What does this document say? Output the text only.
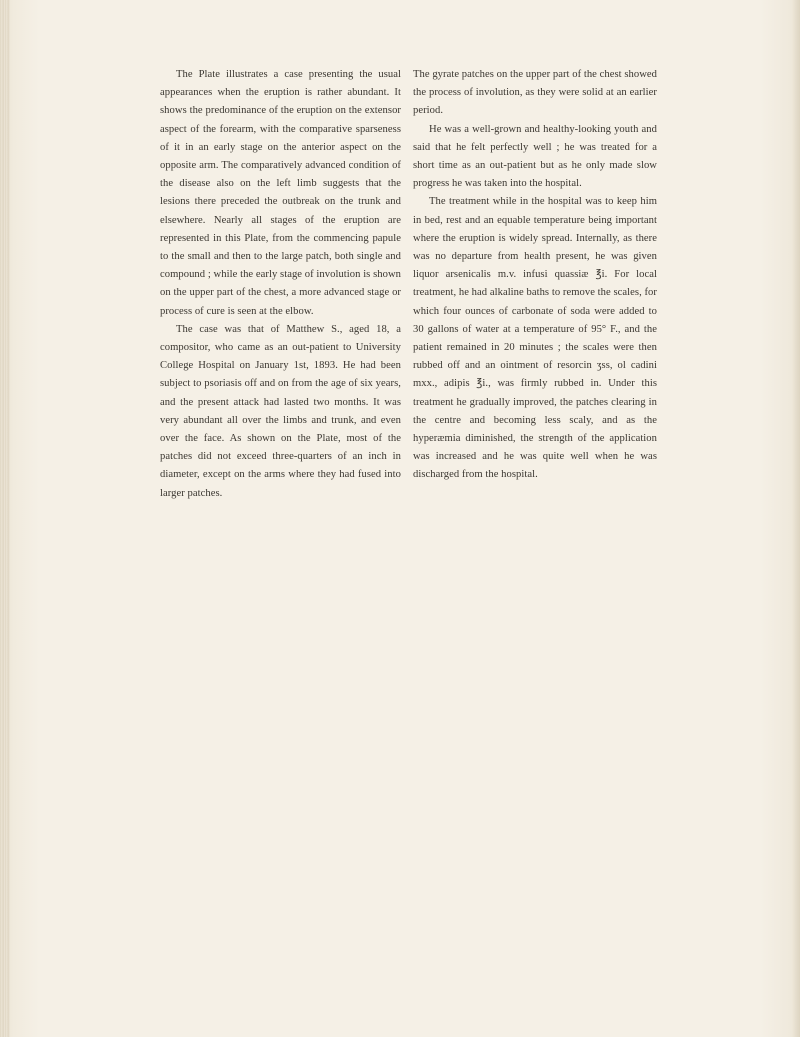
The Plate illustrates a case presenting the usual appearances when the eruption is rather abundant. It shows the predominance of the eruption on the extensor aspect of the forearm, with the comparative sparseness of it in an early stage on the anterior aspect on the opposite arm. The comparatively advanced condition of the disease also on the left limb suggests that the lesions there preceded the outbreak on the trunk and elsewhere. Nearly all stages of the eruption are represented in this Plate, from the commencing papule to the small and then to the large patch, both single and compound ; while the early stage of involution is shown on the upper part of the chest, a more advanced stage or process of cure is seen at the elbow.

The case was that of Matthew S., aged 18, a compositor, who came as an out-patient to University College Hospital on January 1st, 1893. He had been subject to psoriasis off and on from the age of six years, and the present attack had lasted two months. It was very abundant all over the limbs and trunk, and even over the face. As shown on the Plate, most of the patches did not exceed three-quarters of an inch in diameter, except on the arms where they had fused into larger patches.

The gyrate patches on the upper part of the chest showed the process of involution, as they were solid at an earlier period.

He was a well-grown and healthy-looking youth and said that he felt perfectly well ; he was treated for a short time as an out-patient but as he only made slow progress he was taken into the hospital.

The treatment while in the hospital was to keep him in bed, rest and an equable temperature being important where the eruption is widely spread. Internally, as there was no departure from health present, he was given liquor arsenicalis m.v. infusi quassiæ ℥i. For local treatment, he had alkaline baths to remove the scales, for which four ounces of carbonate of soda were added to 30 gallons of water at a temperature of 95° F., and the patient remained in 20 minutes ; the scales were then rubbed off and an ointment of resorcin ʒss, ol cadini mxx., adipis ℥i., was firmly rubbed in. Under this treatment he gradually improved, the patches clearing in the centre and becoming less scaly, and as the hyperæmia diminished, the strength of the application was increased and he was quite well when he was discharged from the hospital.
